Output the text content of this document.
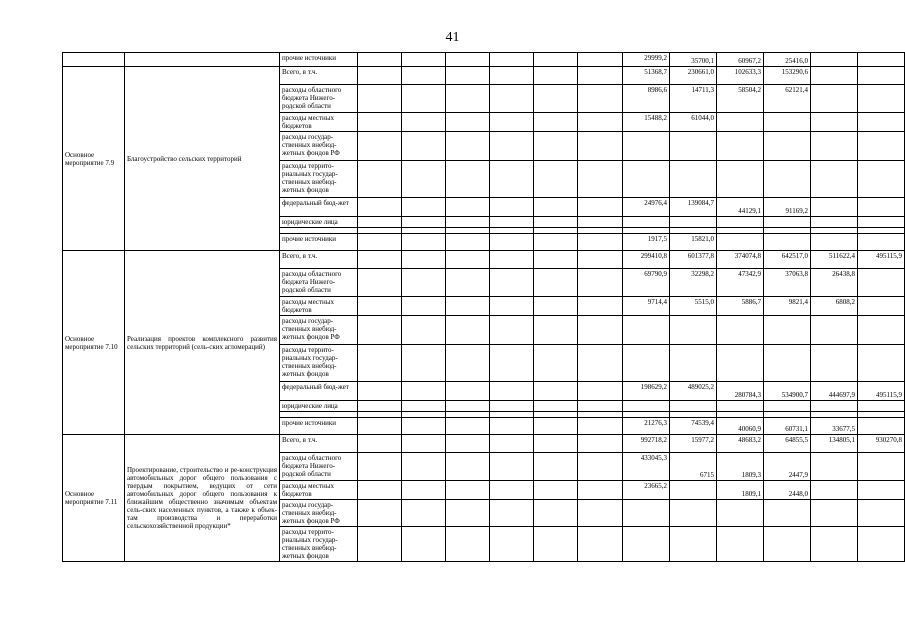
41
		прочие источники							29999,2	35700,1	60967,2	25416,0		
Основное мероприятие 7.9	Благоустройство сельских территорий	Всего, в т.ч.							51368,7	230661,0	102633,3	153290,6		
		расходы областного бюджета Нижего-родской области							8986,6	14711,3	58504,2	62121,4		
		расходы местных бюджетов							15488,2	61044,0				
		расходы государ-ственных внебюд-жетных фондов РФ												
		расходы террито-риальных государ-ственных внебюд-жетных фондов												
		федеральный бюд-жет							24976,4	139084,7	44129,1	91169,2		
		юридические лица												

		прочие источники							1917,5	15821,0				
Основное мероприятие 7.10	Реализация проектов комплексного развития сельских территорий (сель-ских агломераций)	Всего, в т.ч.							299410,8	601377,8	374074,8	642517,0	511622,4	495115,9
		расходы областного бюджета Нижего-родской области							69790,9	32298,2	47342,9	37063,8	26438,8	
		расходы местных бюджетов							9714,4	5515,0	5886,7	9821,4	6808,2	
		расходы государ-ственных внебюд-жетных фондов РФ												
		расходы террито-риальных государ-ственных внебюд-жетных фондов												
		федеральный бюд-жет							198629,2	489025,2	280784,3	534900,7	444697,9	495115,9
		юридические лица												

		прочие источники							21276,3	74539,4	40060,9	60731,1	33677,5	
Основное мероприятие 7.11	Проектирование, строительство и ре-конструкция автомобильных дорог общего пользования с твердым покрытием, ведущих от сети автомобильных дорог общего пользования к ближайшим общественно значимым объектам сель-ских населенных пунктов, а также к объек-там производства и переработки сельскохозяйственной продукции*	Всего, в т.ч.							992718,2	15977,2	48683,2	64855,5	134805,1	930270,8
		расходы областного бюджета Нижего-родской области							433045,3	6715	1809,3	2447,9		
		расходы местных бюджетов							23665,2		1809,1	2448,0		
		расходы государ-ственных внебюд-жетных фондов РФ												
		расходы террито-риальных государ-ственных внебюд-жетных фондов												
